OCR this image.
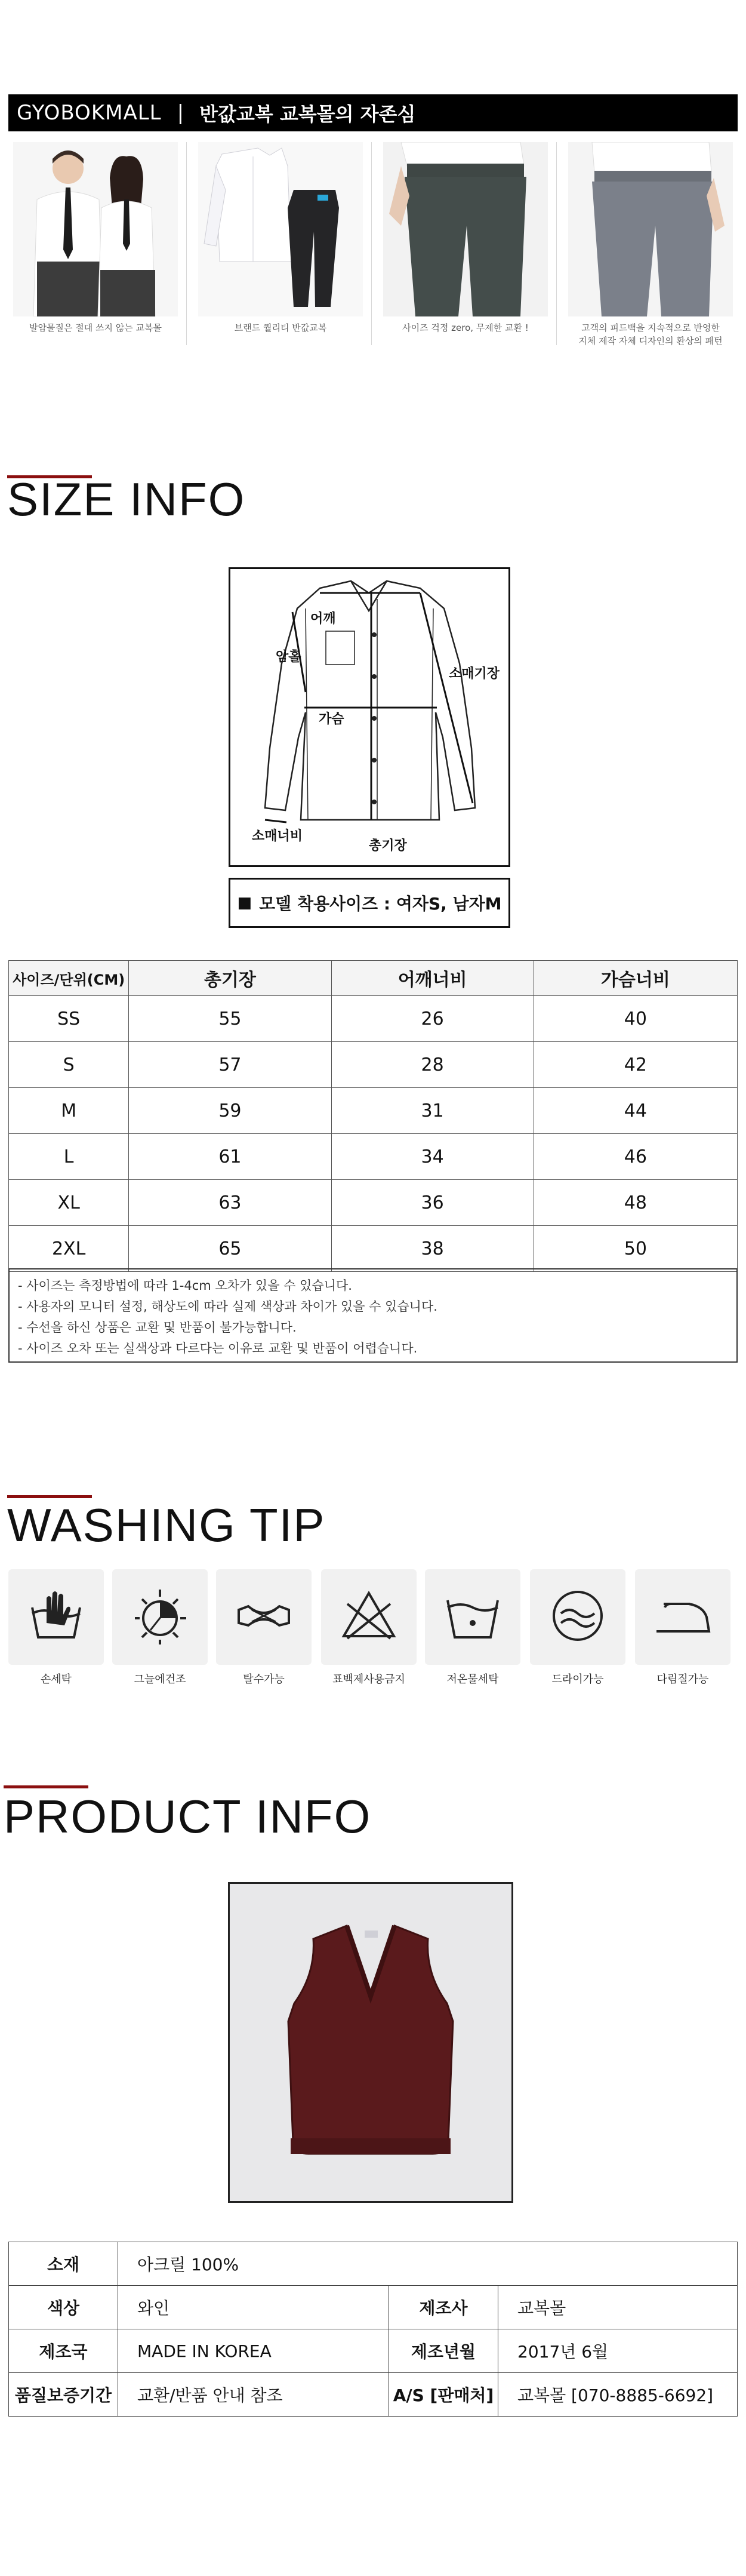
GYOBOKMALL | 반값교복 교복몰의 자존심
발암물질은 절대 쓰지 않는 교복몰	브랜드 퀄리티 반값교복	사이즈 걱정 zero, 무제한 교환 !	고객의 피드백을 지속적으로 반영한
지체 제작 자체 디자인의 환상의 패턴
SIZE INFO
어깨
암홀
소매기장
가슴
소매너비
총기장
■ 모델 착용사이즈 : 여자S, 남자M
사이즈/단위(CM)	총기장	어깨너비	가슴너비
SS	55	26	40
S	57	28	42
M	59	31	44
L	61	34	46
XL	63	36	48
2XL	65	38	50
- 사이즈는 측정방법에 따라 1-4cm 오차가 있을 수 있습니다.
- 사용자의 모니터 설정, 해상도에 따라 실제 색상과 차이가 있을 수 있습니다.
- 수선을 하신 상품은 교환 및 반품이 불가능합니다.
- 사이즈 오차 또는 실색상과 다르다는 이유로 교환 및 반품이 어렵습니다.
WASHING TIP
손세탁	그늘에건조	탈수가능	표백제사용금지	저온물세탁	드라이가능	다림질가능
PRODUCT INFO
소재	아크릴 100%		
색상	와인	제조사	교복몰
제조국	MADE IN KOREA	제조년월	2017년 6월
품질보증기간	교환/반품 안내 참조	A/S [판매처]	교복몰 [070-8885-6692]
